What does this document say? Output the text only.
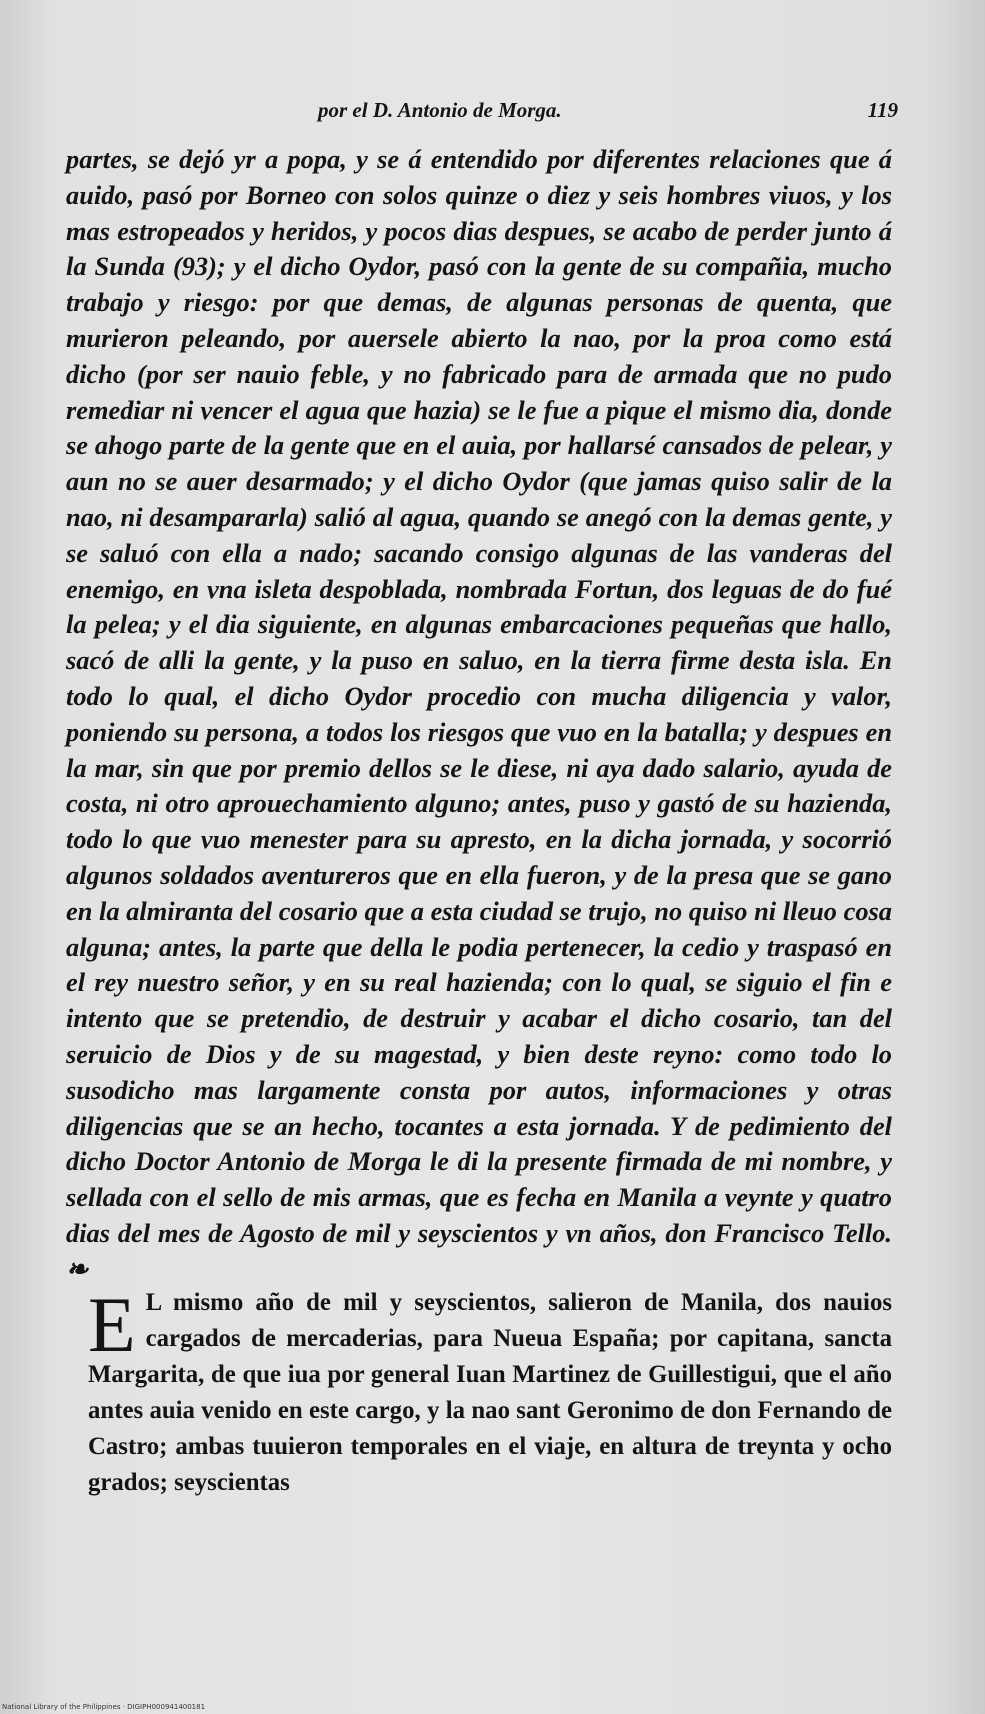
por el D. Antonio de Morga.	119
partes, se dejó yr a popa, y se á entendido por diferentes relaciones que á auido, pasó por Borneo con solos quinze o diez y seis hombres viuos, y los mas estropeados y heridos, y pocos dias despues, se acabo de perder junto á la Sunda (93); y el dicho Oydor, pasó con la gente de su compañia, mucho trabajo y riesgo: por que demas, de algunas personas de quenta, que murieron peleando, por auersele abierto la nao, por la proa como está dicho (por ser nauio feble, y no fabricado para de armada que no pudo remediar ni vencer el agua que hazia) se le fue a pique el mismo dia, donde se ahogo parte de la gente que en el auia, por hallarsé cansados de pelear, y aun no se auer desarmado; y el dicho Oydor (que jamas quiso salir de la nao, ni desampararla) salió al agua, quando se anegó con la demas gente, y se saluó con ella a nado; sacando consigo algunas de las vanderas del enemigo, en vna isleta despoblada, nombrada Fortun, dos leguas de do fué la pelea; y el dia siguiente, en algunas embarcaciones pequeñas que hallo, sacó de alli la gente, y la puso en saluo, en la tierra firme desta isla. En todo lo qual, el dicho Oydor procedio con mucha diligencia y valor, poniendo su persona, a todos los riesgos que vuo en la batalla; y despues en la mar, sin que por premio dellos se le diese, ni aya dado salario, ayuda de costa, ni otro aprouechamiento alguno; antes, puso y gastó de su hazienda, todo lo que vuo menester para su apresto, en la dicha jornada, y socorrió algunos soldados aventureros que en ella fueron, y de la presa que se gano en la almiranta del cosario que a esta ciudad se trujo, no quiso ni lleuo cosa alguna; antes, la parte que della le podia pertenecer, la cedio y traspasó en el rey nuestro señor, y en su real hazienda; con lo qual, se siguio el fin e intento que se pretendio, de destruir y acabar el dicho cosario, tan del seruicio de Dios y de su magestad, y bien deste reyno: como todo lo susodicho mas largamente consta por autos, informaciones y otras diligencias que se an hecho, tocantes a esta jornada. Y de pedimiento del dicho Doctor Antonio de Morga le di la presente firmada de mi nombre, y sellada con el sello de mis armas, que es fecha en Manila a veynte y quatro dias del mes de Agosto de mil y seyscientos y vn años, don Francisco Tello. ❧
E L mismo año de mil y seyscientos, salieron de Manila, dos nauios cargados de mercaderias, para Nueua España; por capitana, sancta Margarita, de que iua por general Iuan Martinez de Guillestigui, que el año antes auia venido en este cargo, y la nao sant Geronimo de don Fernando de Castro; ambas tuuieron temporales en el viaje, en altura de treynta y ocho grados; seyscientas
National Library of the Philippines · DIGIPH000941400181
